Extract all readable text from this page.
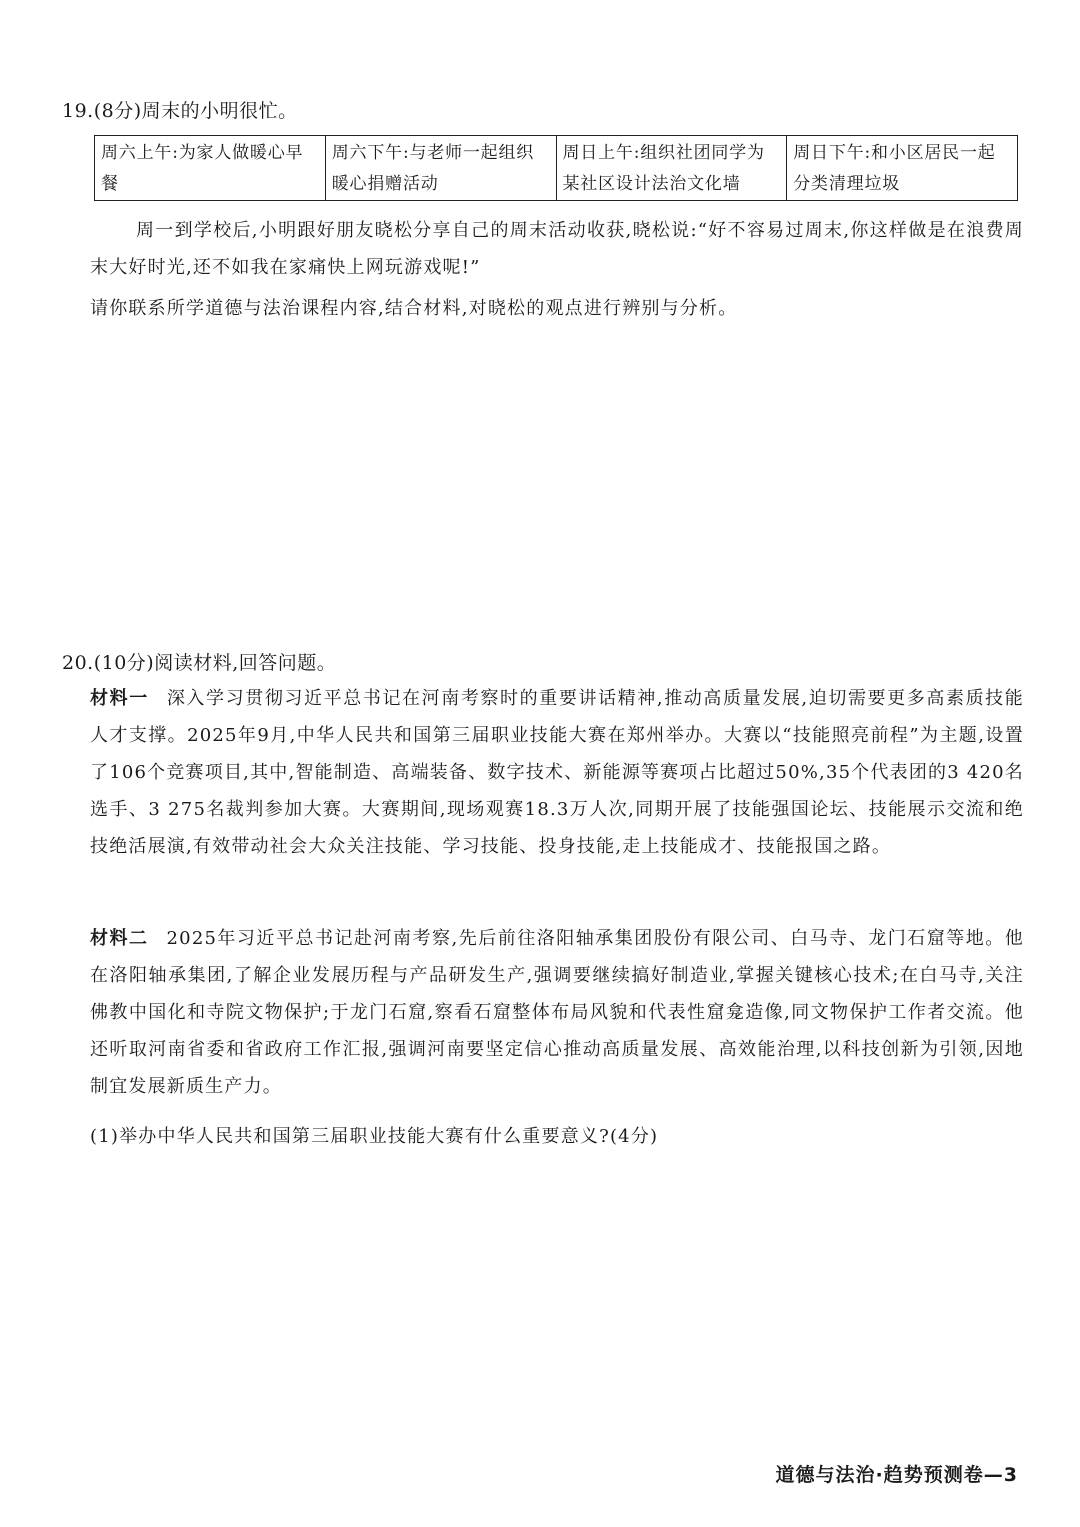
19.(8分)周末的小明很忙。
周六上午:为家人做暖心早餐	周六下午:与老师一起组织暖心捐赠活动	周日上午:组织社团同学为某社区设计法治文化墙	周日下午:和小区居民一起分类清理垃圾
周一到学校后,小明跟好朋友晓松分享自己的周末活动收获,晓松说:“好不容易过周末,你这样做是在浪费周末大好时光,还不如我在家痛快上网玩游戏呢!”
请你联系所学道德与法治课程内容,结合材料,对晓松的观点进行辨别与分析。
20.(10分)阅读材料,回答问题。
材料一 深入学习贯彻习近平总书记在河南考察时的重要讲话精神,推动高质量发展,迫切需要更多高素质技能人才支撑。2025年9月,中华人民共和国第三届职业技能大赛在郑州举办。大赛以“技能照亮前程”为主题,设置了106个竞赛项目,其中,智能制造、高端装备、数字技术、新能源等赛项占比超过50%,35个代表团的3 420名选手、3 275名裁判参加大赛。大赛期间,现场观赛18.3万人次,同期开展了技能强国论坛、技能展示交流和绝技绝活展演,有效带动社会大众关注技能、学习技能、投身技能,走上技能成才、技能报国之路。
材料二 2025年习近平总书记赴河南考察,先后前往洛阳轴承集团股份有限公司、白马寺、龙门石窟等地。他在洛阳轴承集团,了解企业发展历程与产品研发生产,强调要继续搞好制造业,掌握关键核心技术;在白马寺,关注佛教中国化和寺院文物保护;于龙门石窟,察看石窟整体布局风貌和代表性窟龛造像,同文物保护工作者交流。他还听取河南省委和省政府工作汇报,强调河南要坚定信心推动高质量发展、高效能治理,以科技创新为引领,因地制宜发展新质生产力。
(1)举办中华人民共和国第三届职业技能大赛有什么重要意义?(4分)
道德与法治·趋势预测卷—3
